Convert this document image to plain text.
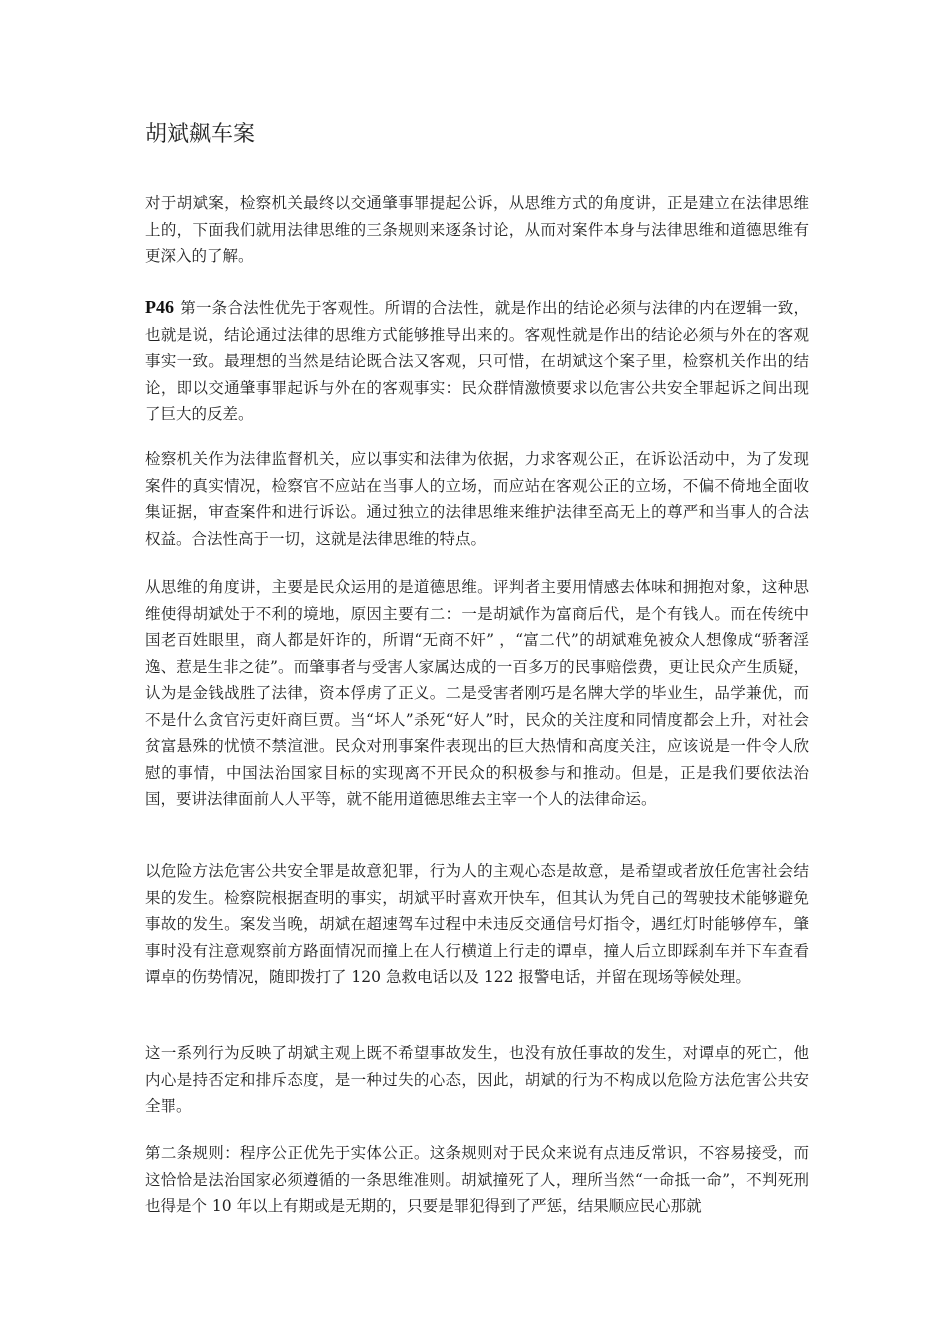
胡斌飙车案

对于胡斌案，检察机关最终以交通肇事罪提起公诉，从思维方式的角度讲，正是建立在法律思维上的，下面我们就用法律思维的三条规则来逐条讨论，从而对案件本身与法律思维和道德思维有更深入的了解。

P46 第一条合法性优先于客观性。所谓的合法性，就是作出的结论必须与法律的内在逻辑一致，也就是说，结论通过法律的思维方式能够推导出来的。客观性就是作出的结论必须与外在的客观事实一致。最理想的当然是结论既合法又客观，只可惜，在胡斌这个案子里，检察机关作出的结论，即以交通肇事罪起诉与外在的客观事实：民众群情激愤要求以危害公共安全罪起诉之间出现了巨大的反差。

检察机关作为法律监督机关，应以事实和法律为依据，力求客观公正，在诉讼活动中，为了发现案件的真实情况，检察官不应站在当事人的立场，而应站在客观公正的立场，不偏不倚地全面收集证据，审查案件和进行诉讼。通过独立的法律思维来维护法律至高无上的尊严和当事人的合法权益。合法性高于一切，这就是法律思维的特点。

从思维的角度讲，主要是民众运用的是道德思维。评判者主要用情感去体味和拥抱对象，这种思维使得胡斌处于不利的境地，原因主要有二：一是胡斌作为富商后代，是个有钱人。而在传统中国老百姓眼里，商人都是奸诈的，所谓“无商不奸” ，“富二代”的胡斌难免被众人想像成“骄奢淫逸、惹是生非之徒”。而肇事者与受害人家属达成的一百多万的民事赔偿费，更让民众产生质疑，认为是金钱战胜了法律，资本俘虏了正义。二是受害者刚巧是名牌大学的毕业生，品学兼优，而不是什么贪官污吏奸商巨贾。当“坏人”杀死“好人”时，民众的关注度和同情度都会上升，对社会贫富悬殊的忧愤不禁渲泄。民众对刑事案件表现出的巨大热情和高度关注，应该说是一件令人欣慰的事情，中国法治国家目标的实现离不开民众的积极参与和推动。但是，正是我们要依法治国，要讲法律面前人人平等，就不能用道德思维去主宰一个人的法律命运。

以危险方法危害公共安全罪是故意犯罪，行为人的主观心态是故意，是希望或者放任危害社会结果的发生。检察院根据查明的事实，胡斌平时喜欢开快车，但其认为凭自己的驾驶技术能够避免事故的发生。案发当晚，胡斌在超速驾车过程中未违反交通信号灯指令，遇红灯时能够停车，肇事时没有注意观察前方路面情况而撞上在人行横道上行走的谭卓，撞人后立即踩刹车并下车查看谭卓的伤势情况，随即拨打了 120 急救电话以及 122 报警电话，并留在现场等候处理。

这一系列行为反映了胡斌主观上既不希望事故发生，也没有放任事故的发生，对谭卓的死亡，他内心是持否定和排斥态度，是一种过失的心态，因此，胡斌的行为不构成以危险方法危害公共安全罪。

第二条规则：程序公正优先于实体公正。这条规则对于民众来说有点违反常识，不容易接受，而这恰恰是法治国家必须遵循的一条思维准则。胡斌撞死了人，理所当然“一命抵一命”，不判死刑也得是个 10 年以上有期或是无期的，只要是罪犯得到了严惩，结果顺应民心那就
